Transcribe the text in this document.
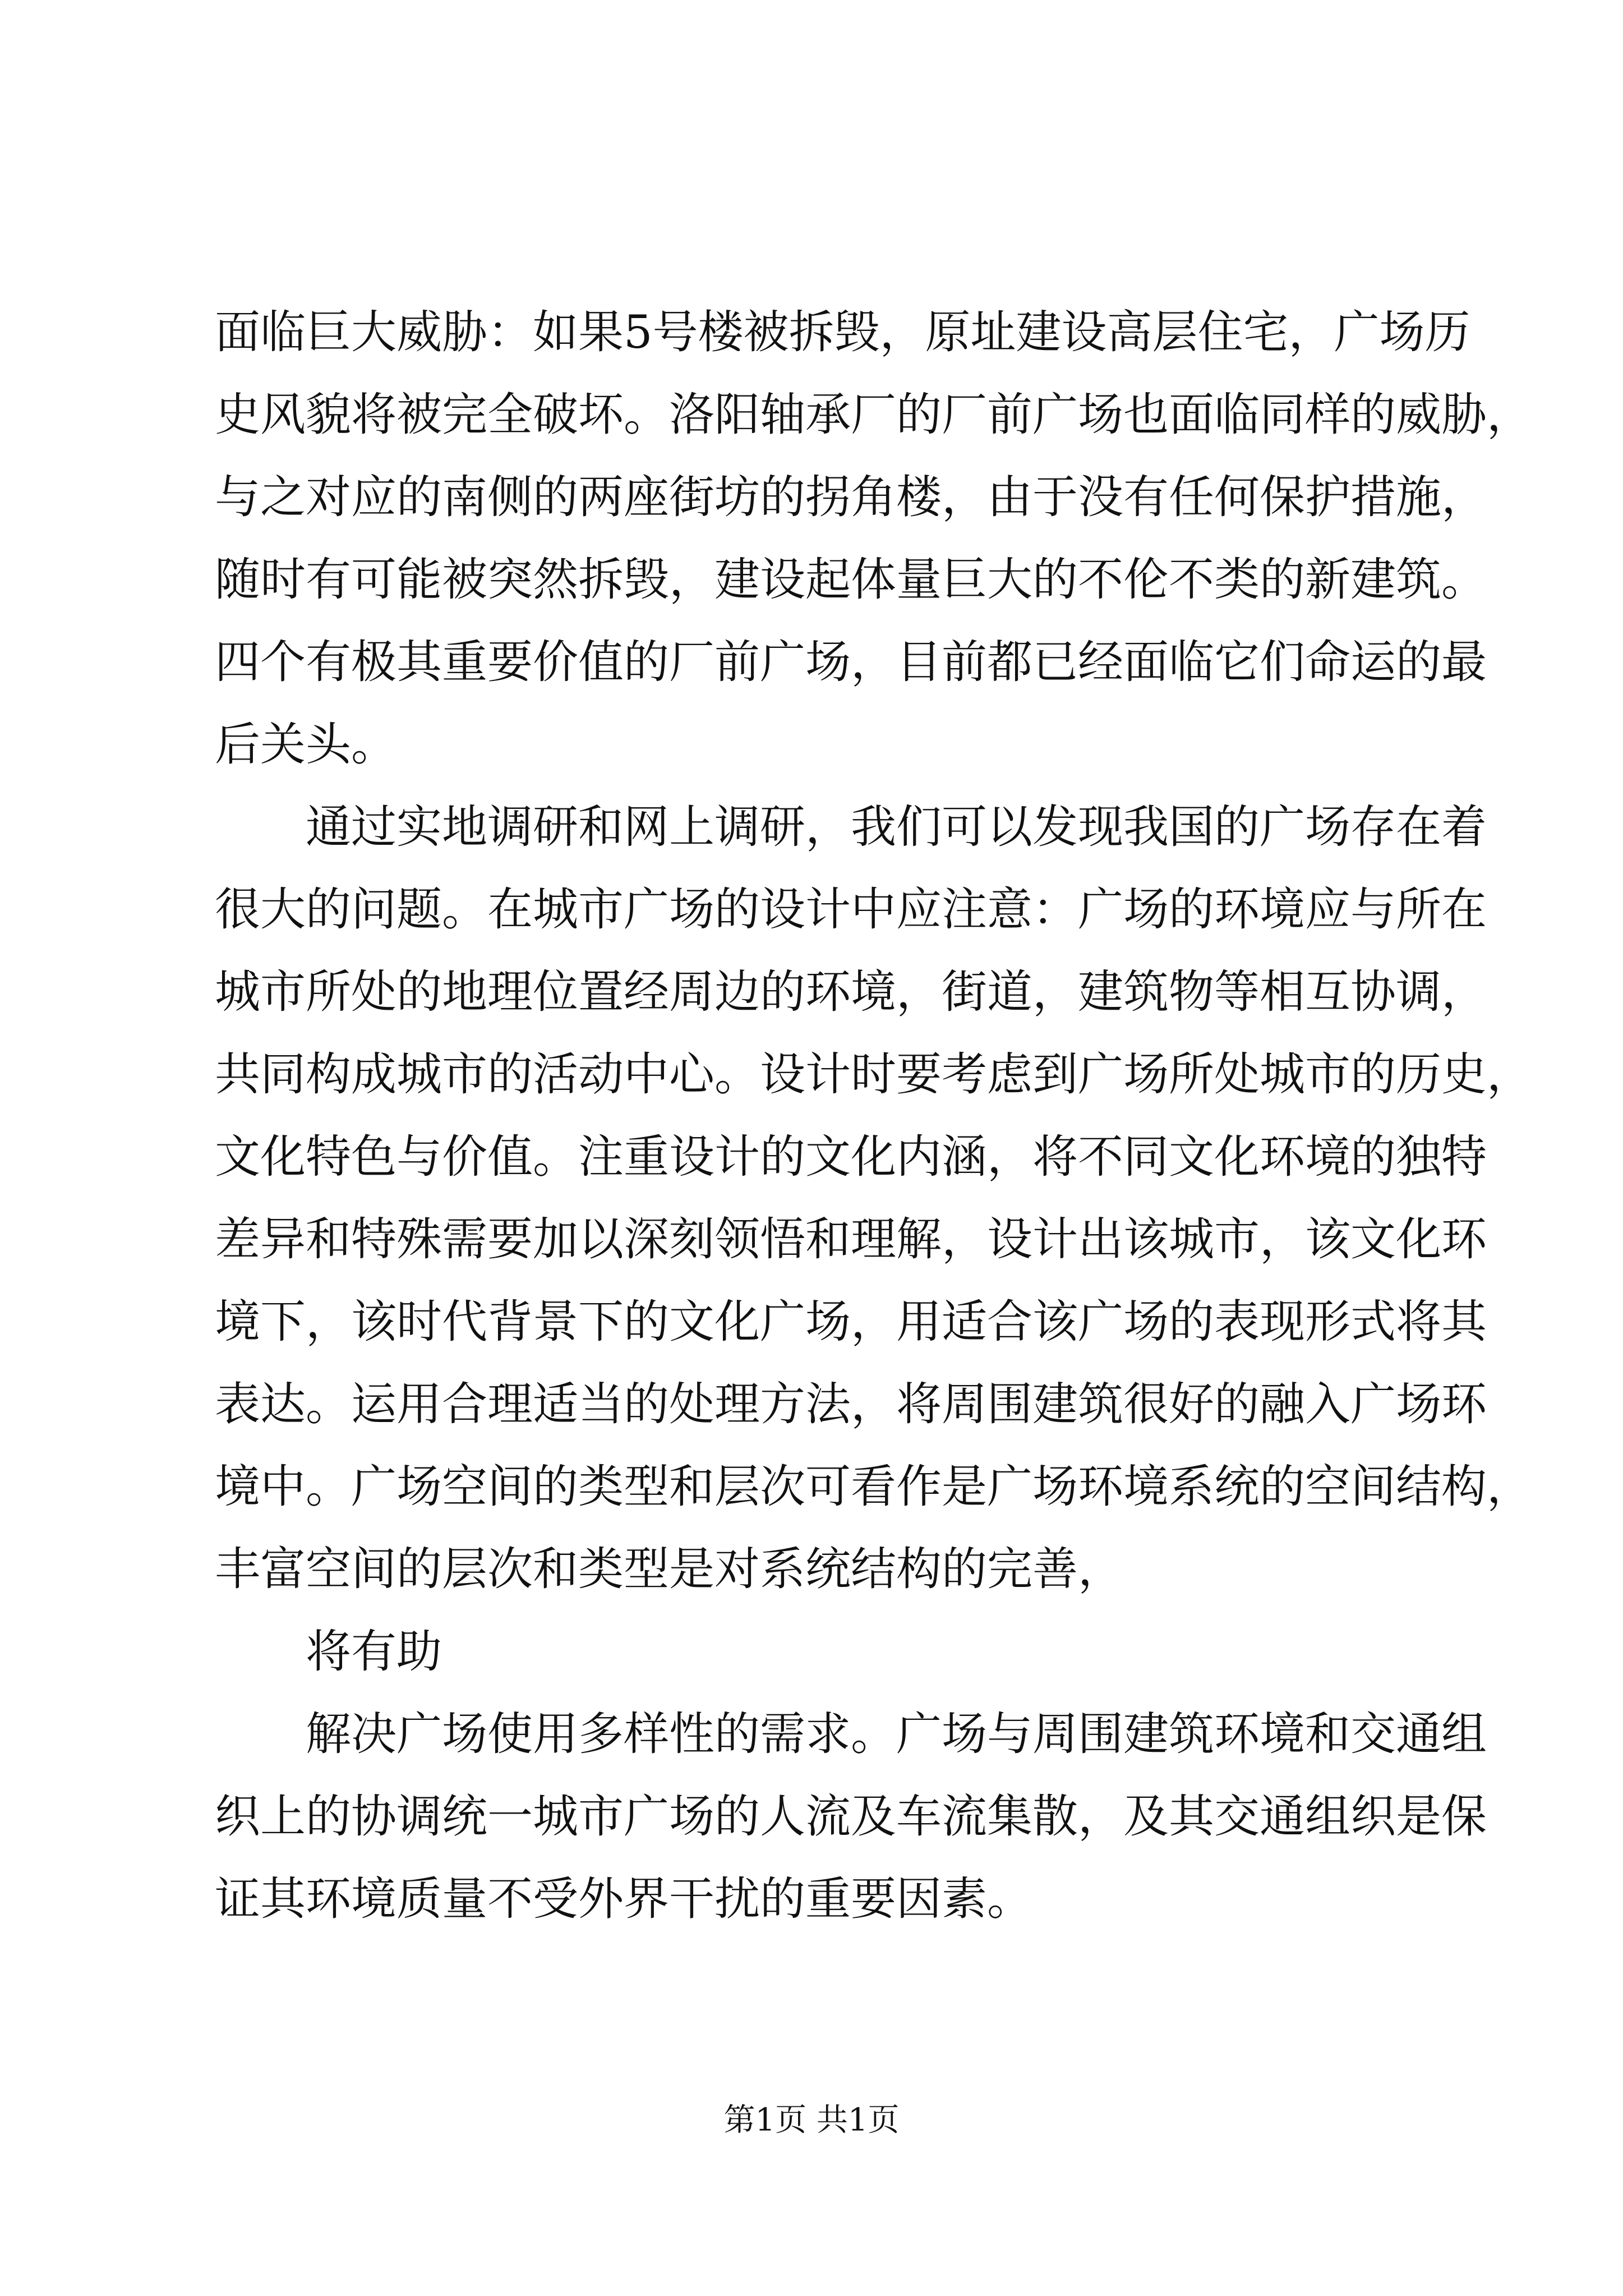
面临巨大威胁：如果5号楼被拆毁，原址建设高层住宅，广场历
史风貌将被完全破坏。洛阳轴承厂的厂前广场也面临同样的威胁，
与之对应的南侧的两座街坊的拐角楼，由于没有任何保护措施，
随时有可能被突然拆毁，建设起体量巨大的不伦不类的新建筑。
四个有极其重要价值的厂前广场，目前都已经面临它们命运的最
后关头。
通过实地调研和网上调研，我们可以发现我国的广场存在着
很大的问题。在城市广场的设计中应注意：广场的环境应与所在
城市所处的地理位置经周边的环境，街道，建筑物等相互协调，
共同构成城市的活动中心。设计时要考虑到广场所处城市的历史，
文化特色与价值。注重设计的文化内涵，将不同文化环境的独特
差异和特殊需要加以深刻领悟和理解，设计出该城市，该文化环
境下，该时代背景下的文化广场，用适合该广场的表现形式将其
表达。运用合理适当的处理方法，将周围建筑很好的融入广场环
境中。广场空间的类型和层次可看作是广场环境系统的空间结构，
丰富空间的层次和类型是对系统结构的完善，
将有助
解决广场使用多样性的需求。广场与周围建筑环境和交通组
织上的协调统一城市广场的人流及车流集散，及其交通组织是保
证其环境质量不受外界干扰的重要因素。
第1页 共1页
